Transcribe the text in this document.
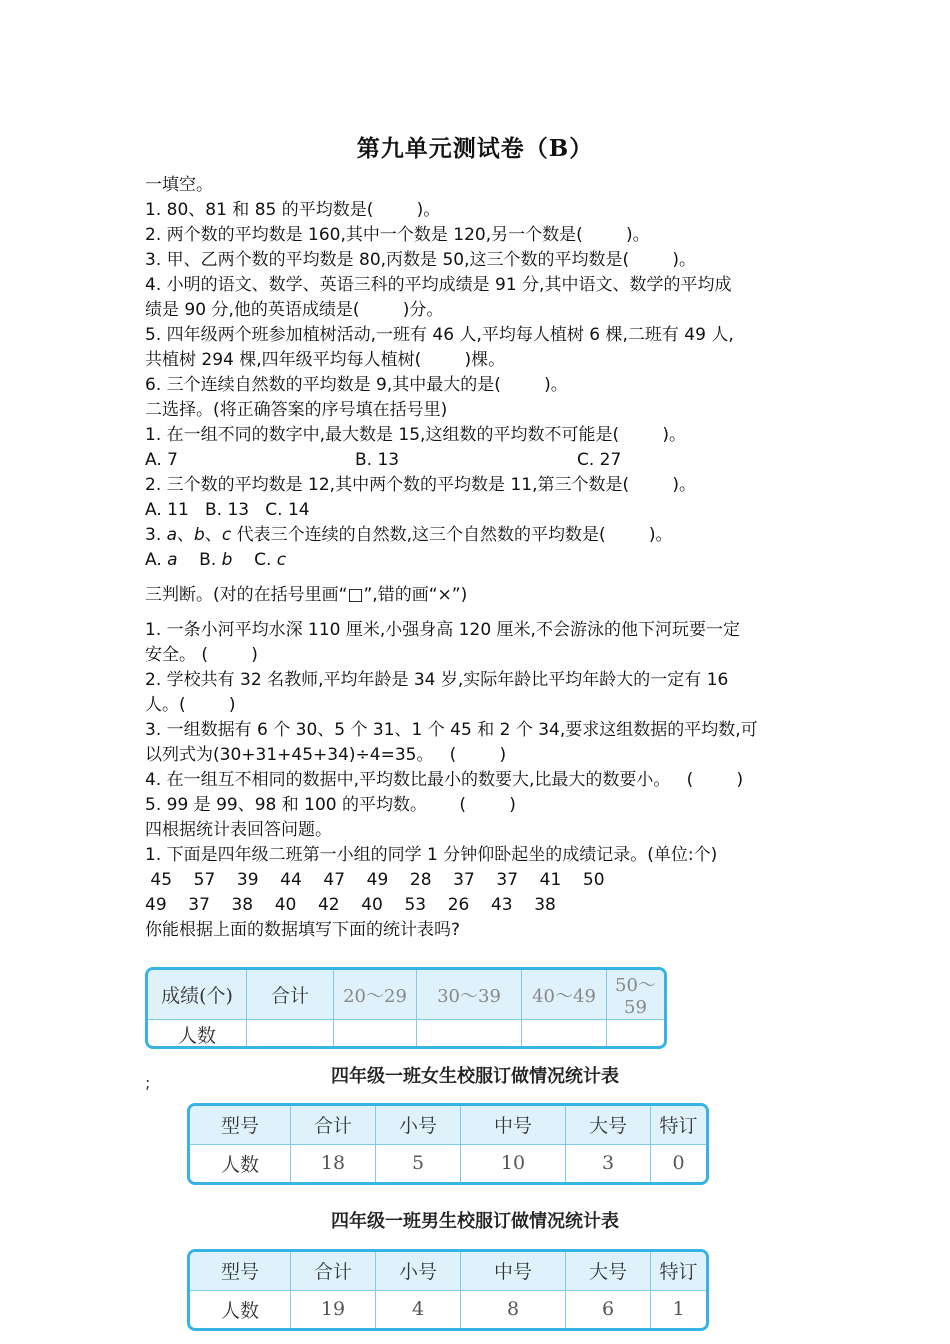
第九单元测试卷（B）
一填空。
1. 80、81 和 85 的平均数是(        )。
2. 两个数的平均数是 160,其中一个数是 120,另一个数是(        )。
3. 甲、乙两个数的平均数是 80,丙数是 50,这三个数的平均数是(        )。
4. 小明的语文、数学、英语三科的平均成绩是 91 分,其中语文、数学的平均成
绩是 90 分,他的英语成绩是(        )分。
5. 四年级两个班参加植树活动,一班有 46 人,平均每人植树 6 棵,二班有 49 人,
共植树 294 棵,四年级平均每人植树(        )棵。
6. 三个连续自然数的平均数是 9,其中最大的是(        )。
二选择。(将正确答案的序号填在括号里)
1. 在一组不同的数字中,最大数是 15,这组数的平均数不可能是(        )。
A. 7	B. 13	C. 27
2. 三个数的平均数是 12,其中两个数的平均数是 11,第三个数是(        )。
A. 11   B. 13   C. 14
3. a、b、c 代表三个连续的自然数,这三个自然数的平均数是(        )。
A. a    B. b    C. c
三判断。(对的在括号里画“□”,错的画“×”)
1. 一条小河平均水深 110 厘米,小强身高 120 厘米,不会游泳的他下河玩要一定
安全。 (        )
2. 学校共有 32 名教师,平均年龄是 34 岁,实际年龄比平均年龄大的一定有 16
人。(        )
3. 一组数据有 6 个 30、5 个 31、1 个 45 和 2 个 34,要求这组数据的平均数,可
以列式为(30+31+45+34)÷4=35。   (        )
4. 在一组互不相同的数据中,平均数比最小的数要大,比最大的数要小。   (        )
5. 99 是 99、98 和 100 的平均数。      (        )
四根据统计表回答问题。
1. 下面是四年级二班第一小组的同学 1 分钟仰卧起坐的成绩记录。(单位:个)
45    57    39    44    47    49    28    37    37    41    50
49    37    38    40    42    40    53    26    43    38
你能根据上面的数据填写下面的统计表吗?
成绩(个)	合计	20～29	30～39	40～49	50～59
人数					
;	四年级一班女生校服订做情况统计表
型号	合计	小号	中号	大号	特订
人数	18	5	10	3	0
四年级一班男生校服订做情况统计表
型号	合计	小号	中号	大号	特订
人数	19	4	8	6	1
